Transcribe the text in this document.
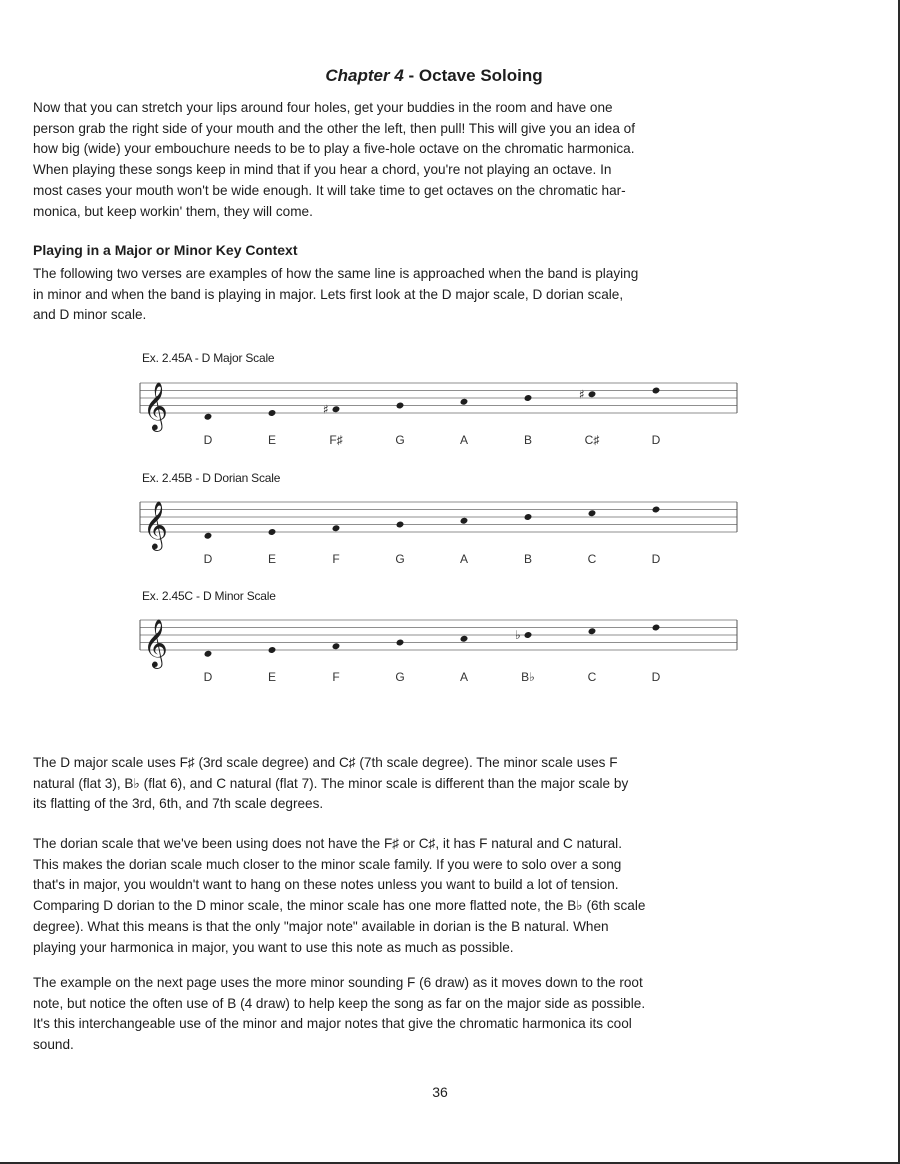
Chapter 4 - Octave Soloing

Now that you can stretch your lips around four holes, get your buddies in the room and have one
person grab the right side of your mouth and the other the left, then pull! This will give you an idea of
how big (wide) your embouchure needs to be to play a five-hole octave on the chromatic harmonica.
When playing these songs keep in mind that if you hear a chord, you're not playing an octave. In
most cases your mouth won't be wide enough. It will take time to get octaves on the chromatic har-
monica, but keep workin' them, they will come.

Playing in a Major or Minor Key Context

The following two verses are examples of how the same line is approached when the band is playing
in minor and when the band is playing in major. Lets first look at the D major scale, D dorian scale,
and D minor scale.

Ex. 2.45A - D Major Scale
𝄞
D	E
♯
F♯	G	A	B
♯
C♯	D
Ex. 2.45B - D Dorian Scale
𝄞
D	E	F	G	A	B	C	D
Ex. 2.45C - D Minor Scale
𝄞
D	E	F	G	A
♭
B♭	C	D

The D major scale uses F♯ (3rd scale degree) and C♯ (7th scale degree). The minor scale uses F
natural (flat 3), B♭ (flat 6), and C natural (flat 7). The minor scale is different than the major scale by
its flatting of the 3rd, 6th, and 7th scale degrees.

The dorian scale that we've been using does not have the F♯ or C♯, it has F natural and C natural.
This makes the dorian scale much closer to the minor scale family. If you were to solo over a song
that's in major, you wouldn't want to hang on these notes unless you want to build a lot of tension.
Comparing D dorian to the D minor scale, the minor scale has one more flatted note, the B♭ (6th scale
degree). What this means is that the only "major note" available in dorian is the B natural. When
playing your harmonica in major, you want to use this note as much as possible.

The example on the next page uses the more minor sounding F (6 draw) as it moves down to the root
note, but notice the often use of B (4 draw) to help keep the song as far on the major side as possible.
It's this interchangeable use of the minor and major notes that give the chromatic harmonica its cool
sound.

36
